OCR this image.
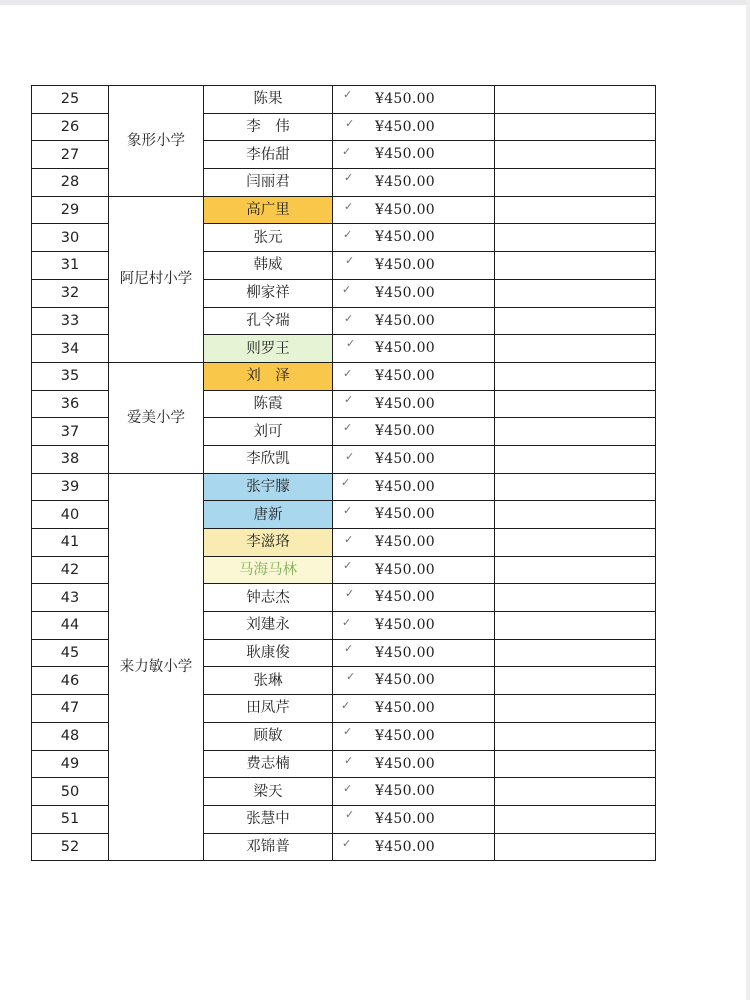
25	象形小学	陈果	✓ ¥450.00	

26		李　伟	✓ ¥450.00	

27		李佑甜	✓ ¥450.00	

28		闫丽君	✓ ¥450.00	

29	阿尼村小学	高广里	✓ ¥450.00	

30		张元	✓ ¥450.00	

31		韩威	✓ ¥450.00	

32		柳家祥	✓ ¥450.00	

33		孔令瑞	✓ ¥450.00	

34		则罗王	✓ ¥450.00	

35	爱美小学	刘　泽	✓ ¥450.00	

36		陈霞	✓ ¥450.00	

37		刘可	✓ ¥450.00	

38		李欣凯	✓ ¥450.00	

39	来力敏小学	张宇朦	✓ ¥450.00	

40		唐新	✓ ¥450.00	

41		李滋珞	✓ ¥450.00	

42		马海马林	✓ ¥450.00	

43		钟志杰	✓ ¥450.00	

44		刘建永	✓ ¥450.00	

45		耿康俊	✓ ¥450.00	

46		张琳	✓ ¥450.00	

47		田凤芹	✓ ¥450.00	

48		顾敏	✓ ¥450.00	

49		费志楠	✓ ¥450.00	

50		梁天	✓ ¥450.00	

51		张慧中	✓ ¥450.00	

52		邓锦普	✓ ¥450.00	
